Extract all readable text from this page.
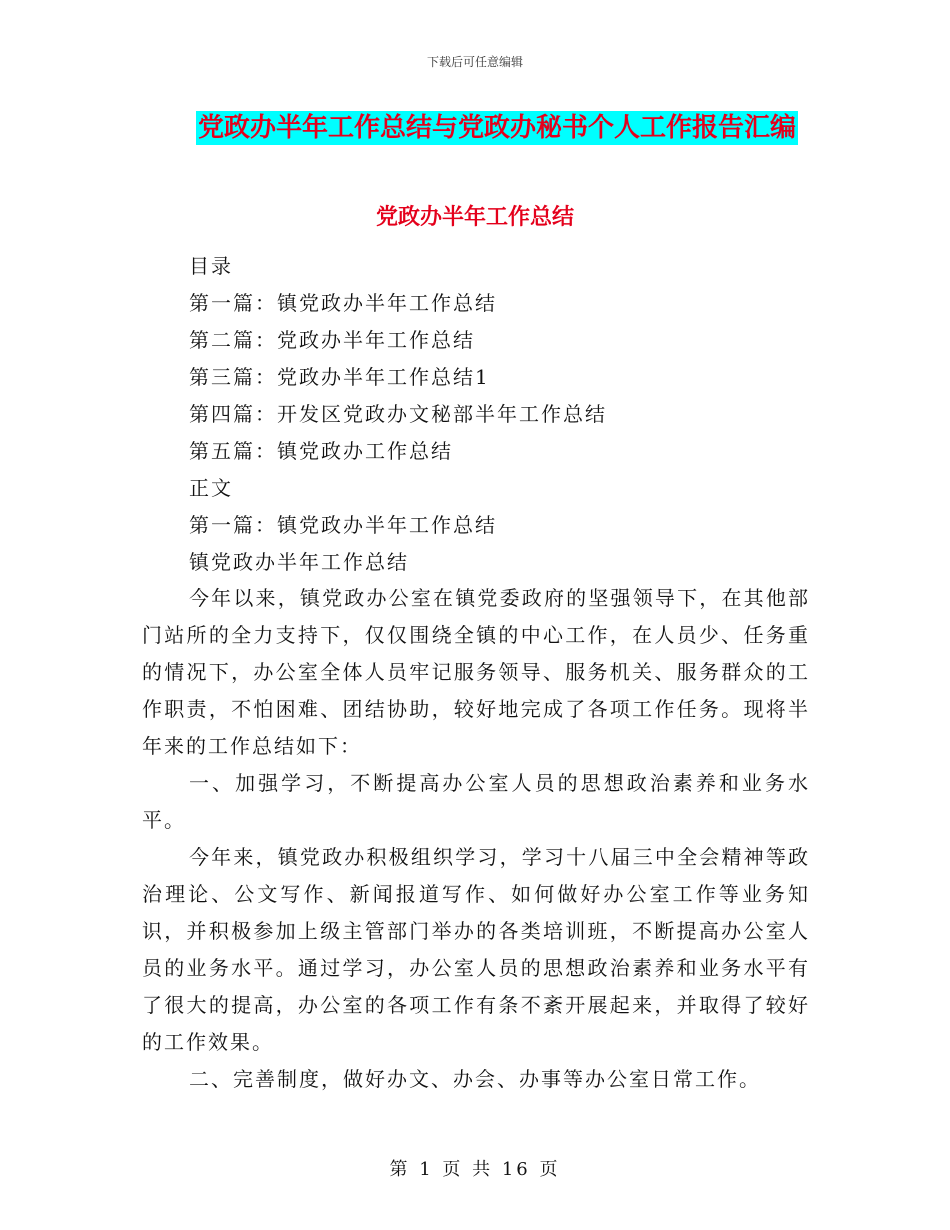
下载后可任意编辑
党政办半年工作总结与党政办秘书个人工作报告汇编
党政办半年工作总结
目录
第一篇：镇党政办半年工作总结
第二篇：党政办半年工作总结
第三篇：党政办半年工作总结1
第四篇：开发区党政办文秘部半年工作总结
第五篇：镇党政办工作总结
正文
第一篇：镇党政办半年工作总结
镇党政办半年工作总结

今年以来，镇党政办公室在镇党委政府的坚强领导下，在其他部门站所的全力支持下，仅仅围绕全镇的中心工作，在人员少、任务重的情况下，办公室全体人员牢记服务领导、服务机关、服务群众的工作职责，不怕困难、团结协助，较好地完成了各项工作任务。现将半年来的工作总结如下：

一、加强学习，不断提高办公室人员的思想政治素养和业务水平。

今年来，镇党政办积极组织学习，学习十八届三中全会精神等政治理论、公文写作、新闻报道写作、如何做好办公室工作等业务知识，并积极参加上级主管部门举办的各类培训班，不断提高办公室人员的业务水平。通过学习，办公室人员的思想政治素养和业务水平有了很大的提高，办公室的各项工作有条不紊开展起来，并取得了较好的工作效果。

二、完善制度，做好办文、办会、办事等办公室日常工作。

第 1 页 共 16 页
